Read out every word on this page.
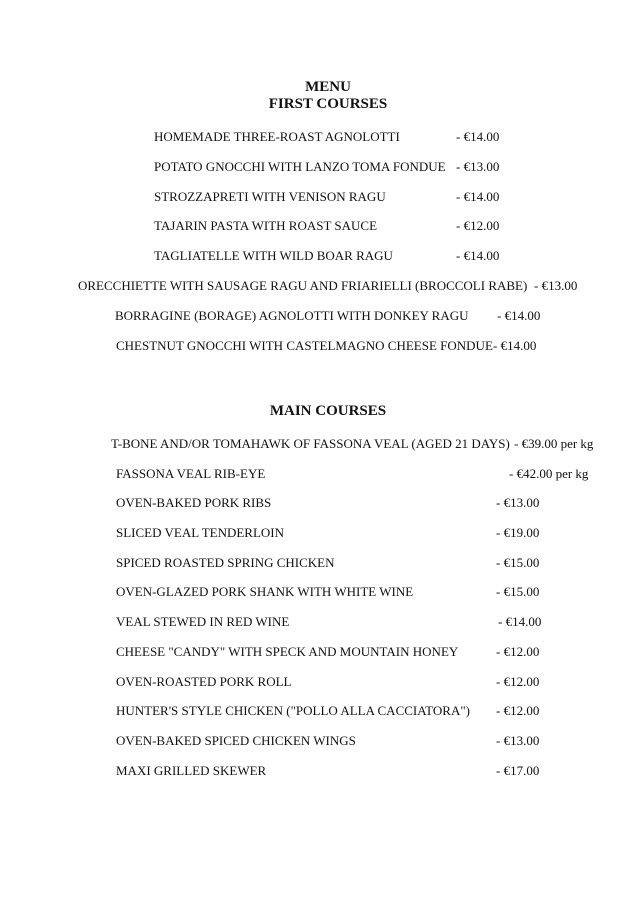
MENU
FIRST COURSES
HOMEMADE THREE-ROAST AGNOLOTTI	- €14.00
POTATO GNOCCHI WITH LANZO TOMA FONDUE - €13.00
STROZZAPRETI WITH VENISON RAGU	- €14.00
TAJARIN PASTA WITH ROAST SAUCE	- €12.00
TAGLIATELLE WITH WILD BOAR RAGU	- €14.00
ORECCHIETTE WITH SAUSAGE RAGU AND FRIARIELLI (BROCCOLI RABE) - €13.00
BORRAGINE (BORAGE) AGNOLOTTI WITH DONKEY RAGU - €14.00
CHESTNUT GNOCCHI WITH CASTELMAGNO CHEESE FONDUE - €14.00
MAIN COURSES
T-BONE AND/OR TOMAHAWK OF FASSONA VEAL (AGED 21 DAYS) - €39.00 per kg
FASSONA VEAL RIB-EYE	- €42.00 per kg
OVEN-BAKED PORK RIBS	- €13.00
SLICED VEAL TENDERLOIN	- €19.00
SPICED ROASTED SPRING CHICKEN	- €15.00
OVEN-GLAZED PORK SHANK WITH WHITE WINE	- €15.00
VEAL STEWED IN RED WINE	- €14.00
CHEESE "CANDY" WITH SPECK AND MOUNTAIN HONEY	- €12.00
OVEN-ROASTED PORK ROLL	- €12.00
HUNTER'S STYLE CHICKEN ("POLLO ALLA CACCIATORA") - €12.00
OVEN-BAKED SPICED CHICKEN WINGS	- €13.00
MAXI GRILLED SKEWER	- €17.00
